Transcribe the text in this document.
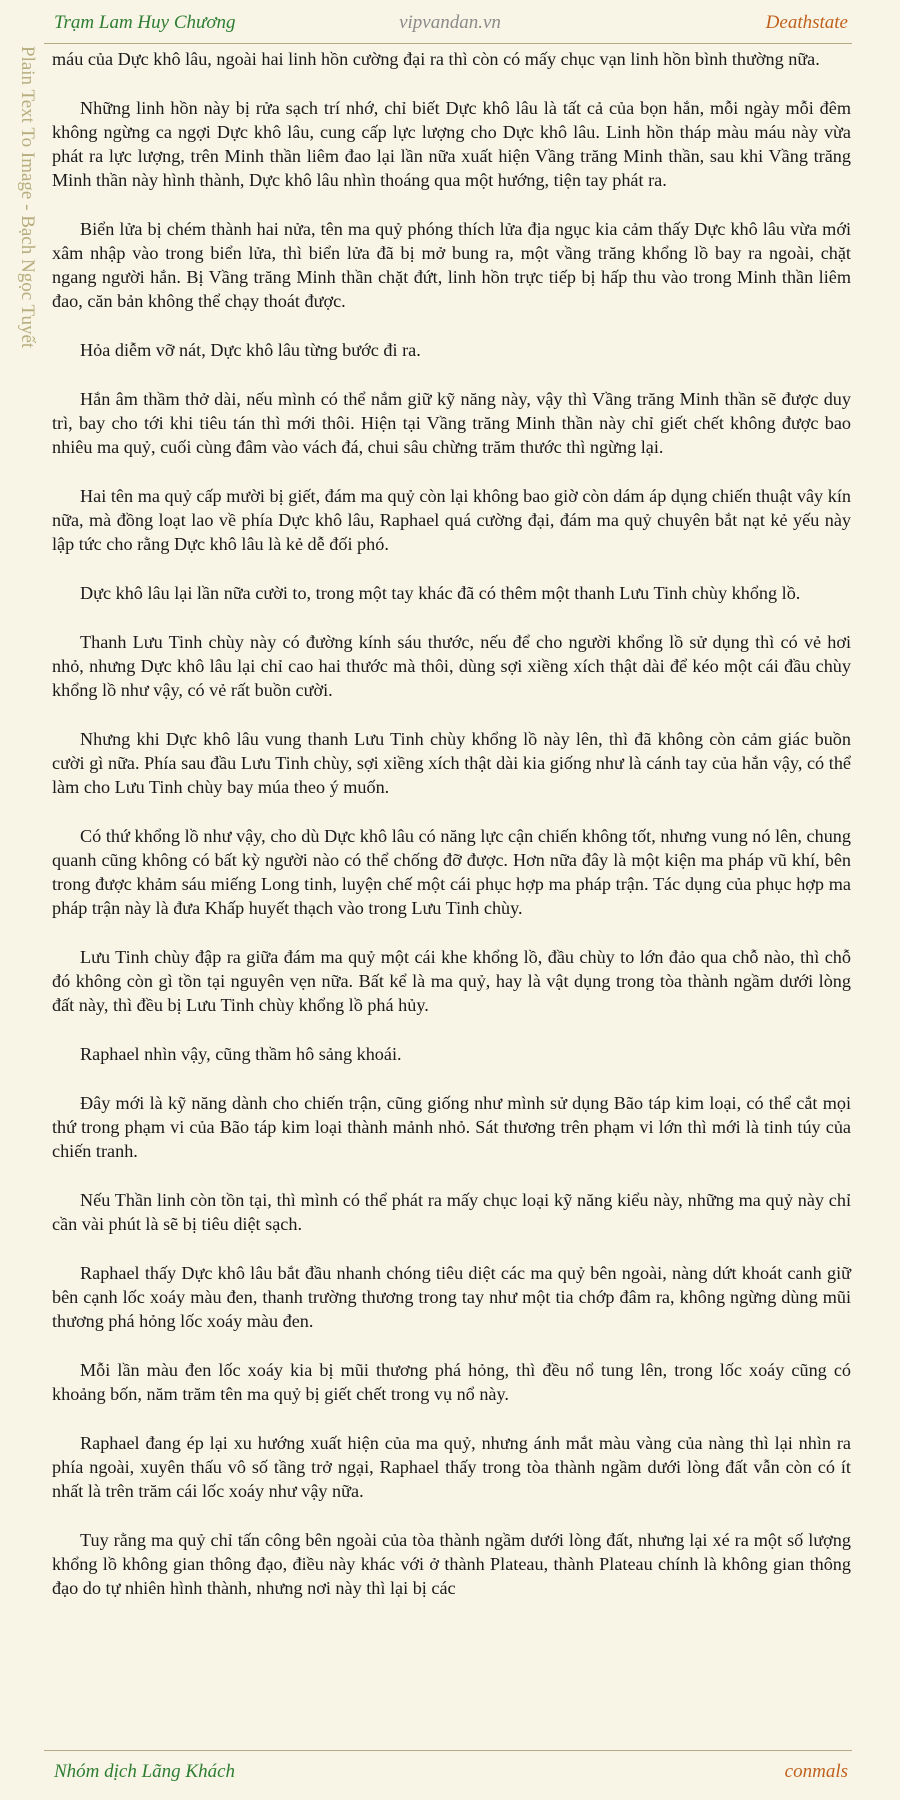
Trạm Lam Huy Chương	vipvandan.vn	Deathstate
Plain Text To Image - Bạch Ngọc Tuyết máu của Dực khô lâu, ngoài hai linh hồn cường đại ra thì còn có mấy chục vạn linh hồn bình thường nữa.

Những linh hồn này bị rửa sạch trí nhớ, chỉ biết Dực khô lâu là tất cả của bọn hắn, mỗi ngày mỗi đêm không ngừng ca ngợi Dực khô lâu, cung cấp lực lượng cho Dực khô lâu. Linh hồn tháp màu máu này vừa phát ra lực lượng, trên Minh thần liêm đao lại lần nữa xuất hiện Vầng trăng Minh thần, sau khi Vầng trăng Minh thần này hình thành, Dực khô lâu nhìn thoáng qua một hướng, tiện tay phát ra.

Biển lửa bị chém thành hai nửa, tên ma quỷ phóng thích lửa địa ngục kia cảm thấy Dực khô lâu vừa mới xâm nhập vào trong biển lửa, thì biển lửa đã bị mở bung ra, một vầng trăng khổng lồ bay ra ngoài, chặt ngang người hắn. Bị Vầng trăng Minh thần chặt đứt, linh hồn trực tiếp bị hấp thu vào trong Minh thần liêm đao, căn bản không thể chạy thoát được.

Hỏa diễm vỡ nát, Dực khô lâu từng bước đi ra.

Hắn âm thầm thở dài, nếu mình có thể nắm giữ kỹ năng này, vậy thì Vầng trăng Minh thần sẽ được duy trì, bay cho tới khi tiêu tán thì mới thôi. Hiện tại Vầng trăng Minh thần này chỉ giết chết không được bao nhiêu ma quỷ, cuối cùng đâm vào vách đá, chui sâu chừng trăm thước thì ngừng lại.

Hai tên ma quỷ cấp mười bị giết, đám ma quỷ còn lại không bao giờ còn dám áp dụng chiến thuật vây kín nữa, mà đồng loạt lao về phía Dực khô lâu, Raphael quá cường đại, đám ma quỷ chuyên bắt nạt kẻ yếu này lập tức cho rằng Dực khô lâu là kẻ dễ đối phó.

Dực khô lâu lại lần nữa cười to, trong một tay khác đã có thêm một thanh Lưu Tinh chùy khổng lồ.

Thanh Lưu Tinh chùy này có đường kính sáu thước, nếu để cho người khổng lồ sử dụng thì có vẻ hơi nhỏ, nhưng Dực khô lâu lại chỉ cao hai thước mà thôi, dùng sợi xiềng xích thật dài để kéo một cái đầu chùy khổng lồ như vậy, có vẻ rất buồn cười.

Nhưng khi Dực khô lâu vung thanh Lưu Tinh chùy khổng lồ này lên, thì đã không còn cảm giác buồn cười gì nữa. Phía sau đầu Lưu Tinh chùy, sợi xiềng xích thật dài kia giống như là cánh tay của hắn vậy, có thể làm cho Lưu Tinh chùy bay múa theo ý muốn.

Có thứ khổng lồ như vậy, cho dù Dực khô lâu có năng lực cận chiến không tốt, nhưng vung nó lên, chung quanh cũng không có bất kỳ người nào có thể chống đỡ được. Hơn nữa đây là một kiện ma pháp vũ khí, bên trong được khảm sáu miếng Long tinh, luyện chế một cái phục hợp ma pháp trận. Tác dụng của phục hợp ma pháp trận này là đưa Khấp huyết thạch vào trong Lưu Tinh chùy.

Lưu Tinh chùy đập ra giữa đám ma quỷ một cái khe khổng lồ, đầu chùy to lớn đảo qua chỗ nào, thì chỗ đó không còn gì tồn tại nguyên vẹn nữa. Bất kể là ma quỷ, hay là vật dụng trong tòa thành ngầm dưới lòng đất này, thì đều bị Lưu Tinh chùy khổng lồ phá hủy.

Raphael nhìn vậy, cũng thầm hô sảng khoái.

Đây mới là kỹ năng dành cho chiến trận, cũng giống như mình sử dụng Bão táp kim loại, có thể cắt mọi thứ trong phạm vi của Bão táp kim loại thành mảnh nhỏ. Sát thương trên phạm vi lớn thì mới là tinh túy của chiến tranh.

Nếu Thần linh còn tồn tại, thì mình có thể phát ra mấy chục loại kỹ năng kiểu này, những ma quỷ này chỉ cần vài phút là sẽ bị tiêu diệt sạch.

Raphael thấy Dực khô lâu bắt đầu nhanh chóng tiêu diệt các ma quỷ bên ngoài, nàng dứt khoát canh giữ bên cạnh lốc xoáy màu đen, thanh trường thương trong tay như một tia chớp đâm ra, không ngừng dùng mũi thương phá hỏng lốc xoáy màu đen.

Mỗi lần màu đen lốc xoáy kia bị mũi thương phá hỏng, thì đều nổ tung lên, trong lốc xoáy cũng có khoảng bốn, năm trăm tên ma quỷ bị giết chết trong vụ nổ này.

Raphael đang ép lại xu hướng xuất hiện của ma quỷ, nhưng ánh mắt màu vàng của nàng thì lại nhìn ra phía ngoài, xuyên thấu vô số tầng trở ngại, Raphael thấy trong tòa thành ngầm dưới lòng đất vẫn còn có ít nhất là trên trăm cái lốc xoáy như vậy nữa.

Tuy rằng ma quỷ chỉ tấn công bên ngoài của tòa thành ngầm dưới lòng đất, nhưng lại xé ra một số lượng khổng lồ không gian thông đạo, điều này khác với ở thành Plateau, thành Plateau chính là không gian thông đạo do tự nhiên hình thành, nhưng nơi này thì lại bị các

Nhóm dịch Lãng Khách	conmals
